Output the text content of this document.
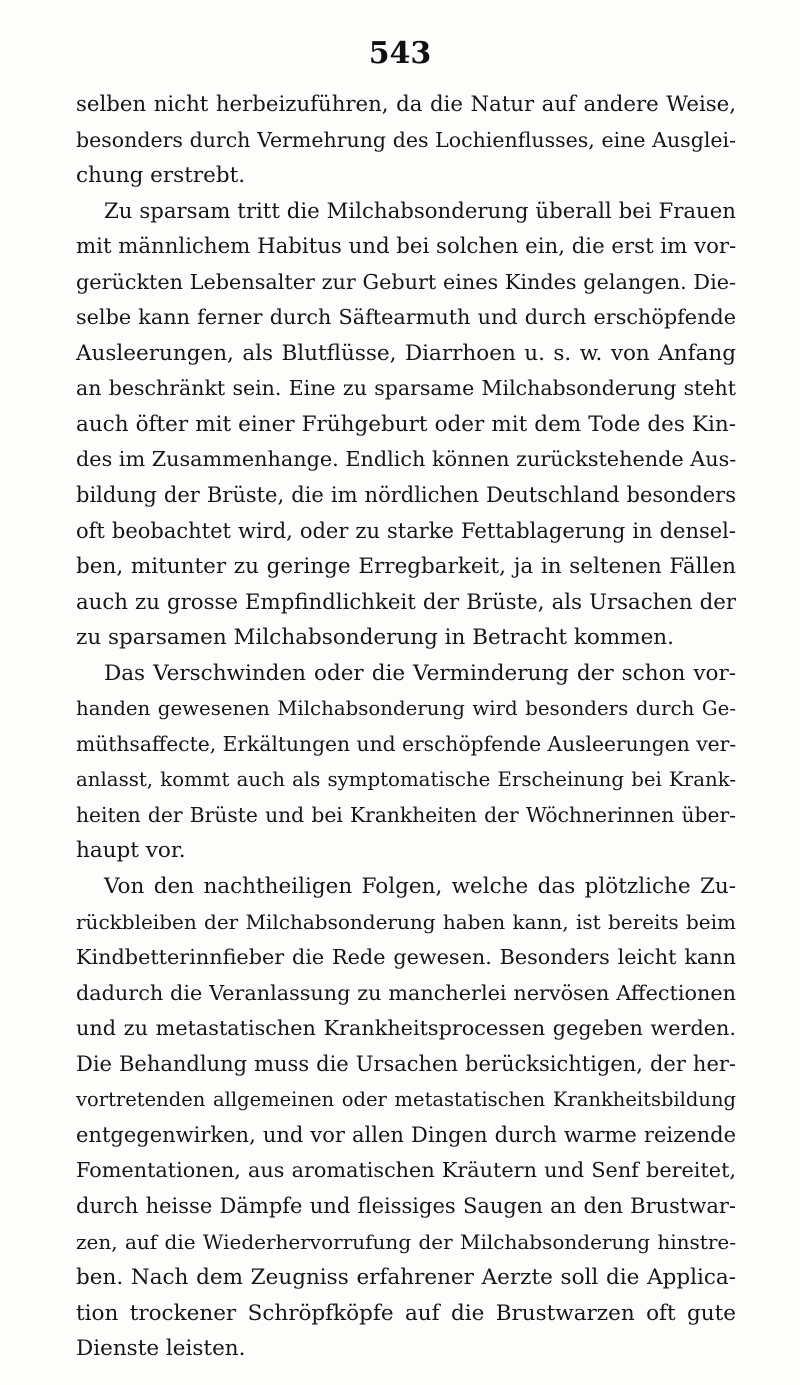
543
selben nicht herbeizuführen, da die Natur auf andere Weise,
besonders durch Vermehrung des Lochienflusses, eine Ausglei-
chung erstrebt.
Zu sparsam tritt die Milchabsonderung überall bei Frauen
mit männlichem Habitus und bei solchen ein, die erst im vor-
gerückten Lebensalter zur Geburt eines Kindes gelangen. Die-
selbe kann ferner durch Säftearmuth und durch erschöpfende
Ausleerungen, als Blutflüsse, Diarrhoen u. s. w. von Anfang
an beschränkt sein. Eine zu sparsame Milchabsonderung steht
auch öfter mit einer Frühgeburt oder mit dem Tode des Kin-
des im Zusammenhange. Endlich können zurückstehende Aus-
bildung der Brüste, die im nördlichen Deutschland besonders
oft beobachtet wird, oder zu starke Fettablagerung in densel-
ben, mitunter zu geringe Erregbarkeit, ja in seltenen Fällen
auch zu grosse Empfindlichkeit der Brüste, als Ursachen der
zu sparsamen Milchabsonderung in Betracht kommen.
Das Verschwinden oder die Verminderung der schon vor-
handen gewesenen Milchabsonderung wird besonders durch Ge-
müthsaffecte, Erkältungen und erschöpfende Ausleerungen ver-
anlasst, kommt auch als symptomatische Erscheinung bei Krank-
heiten der Brüste und bei Krankheiten der Wöchnerinnen über-
haupt vor.
Von den nachtheiligen Folgen, welche das plötzliche Zu-
rückbleiben der Milchabsonderung haben kann, ist bereits beim
Kindbetterinnfieber die Rede gewesen. Besonders leicht kann
dadurch die Veranlassung zu mancherlei nervösen Affectionen
und zu metastatischen Krankheitsprocessen gegeben werden.
Die Behandlung muss die Ursachen berücksichtigen, der her-
vortretenden allgemeinen oder metastatischen Krankheitsbildung
entgegenwirken, und vor allen Dingen durch warme reizende
Fomentationen, aus aromatischen Kräutern und Senf bereitet,
durch heisse Dämpfe und fleissiges Saugen an den Brustwar-
zen, auf die Wiederhervorrufung der Milchabsonderung hinstre-
ben. Nach dem Zeugniss erfahrener Aerzte soll die Applica-
tion trockener Schröpfköpfe auf die Brustwarzen oft gute
Dienste leisten.
